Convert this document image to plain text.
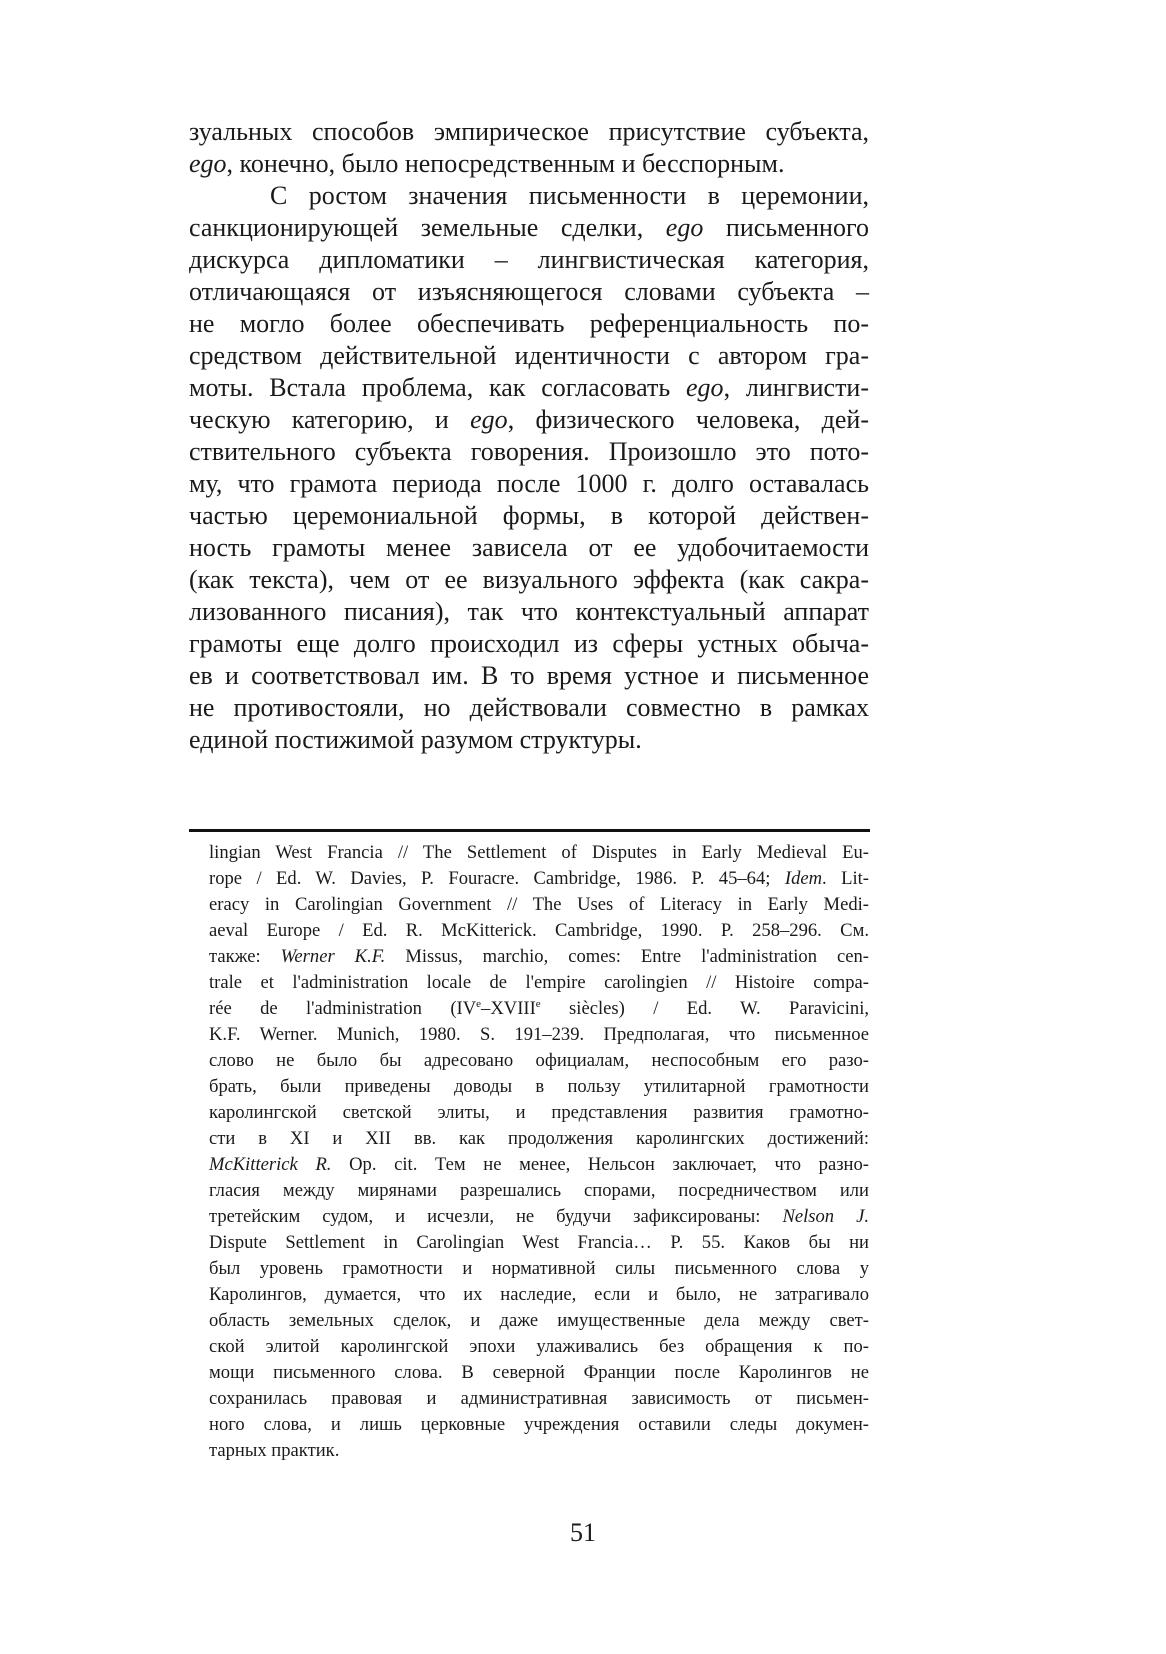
зуальных способов эмпирическое присутствие субъекта,
ego, конечно, было непосредственным и бесспорным.
С ростом значения письменности в церемонии,
санкционирующей земельные сделки, ego письменного
дискурса дипломатики – лингвистическая категория,
отличающаяся от изъясняющегося словами субъекта –
не могло более обеспечивать референциальность по-
средством действительной идентичности с автором гра-
моты. Встала проблема, как согласовать ego, лингвисти-
ческую категорию, и ego, физического человека, дей-
ствительного субъекта говорения. Произошло это пото-
му, что грамота периода после 1000 г. долго оставалась
частью церемониальной формы, в которой действен-
ность грамоты менее зависела от ее удобочитаемости
(как текста), чем от ее визуального эффекта (как сакра-
лизованного писания), так что контекстуальный аппарат
грамоты еще долго происходил из сферы устных обыча-
ев и соответствовал им. В то время устное и письменное
не противостояли, но действовали совместно в рамках
единой постижимой разумом структуры.
lingian West Francia // The Settlement of Disputes in Early Medieval Eu-
rope / Ed. W. Davies, P. Fouracre. Cambridge, 1986. P. 45–64; Idem. Lit-
eracy in Carolingian Government // The Uses of Literacy in Early Medi-
aeval Europe / Ed. R. McKitterick. Cambridge, 1990. P. 258–296. См.
также: Werner K.F. Missus, marchio, comes: Entre l'administration cen-
trale et l'administration locale de l'empire carolingien // Histoire compa-
rée de l'administration (IVe–XVIIIe siècles) / Ed. W. Paravicini,
K.F. Werner. Munich, 1980. S. 191–239. Предполагая, что письменное
слово не было бы адресовано официалам, неспособным его разо-
брать, были приведены доводы в пользу утилитарной грамотности
каролингской светской элиты, и представления развития грамотно-
сти в XI и XII вв. как продолжения каролингских достижений:
McKitterick R. Op. cit. Тем не менее, Нельсон заключает, что разно-
гласия между мирянами разрешались спорами, посредничеством или
третейским судом, и исчезли, не будучи зафиксированы: Nelson J.
Dispute Settlement in Carolingian West Francia… P. 55. Каков бы ни
был уровень грамотности и нормативной силы письменного слова у
Каролингов, думается, что их наследие, если и было, не затрагивало
область земельных сделок, и даже имущественные дела между свет-
ской элитой каролингской эпохи улаживались без обращения к по-
мощи письменного слова. В северной Франции после Каролингов не
сохранилась правовая и административная зависимость от письмен-
ного слова, и лишь церковные учреждения оставили следы докумен-
тарных практик.
51
